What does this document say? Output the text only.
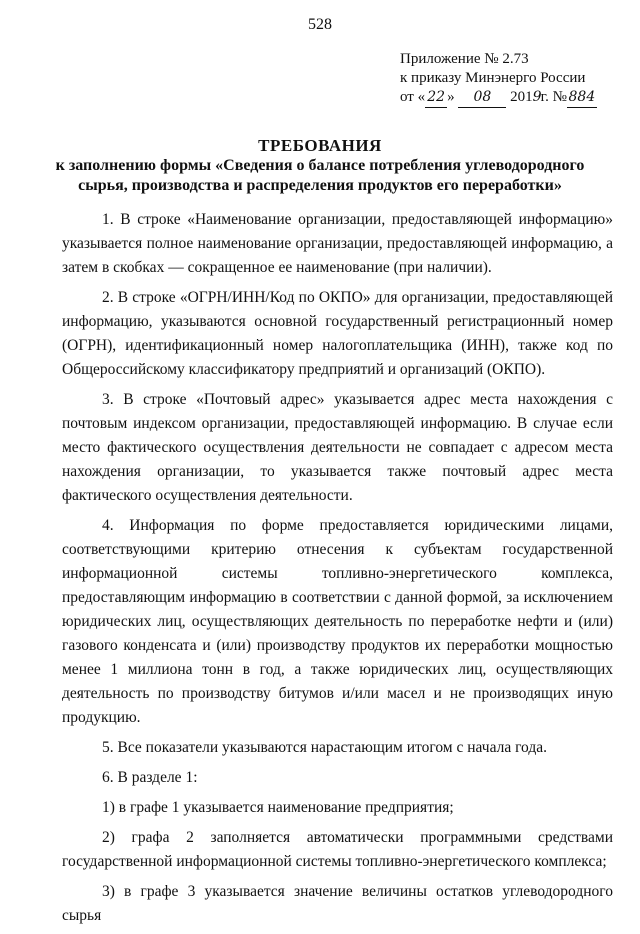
528
Приложение № 2.73
к приказу Минэнерго России
от « 22 » 08 2019г. № 884
ТРЕБОВАНИЯ
к заполнению формы «Сведения о балансе потребления углеводородного
сырья, производства и распределения продуктов его переработки»

1. В строке «Наименование организации, предоставляющей информацию» указывается полное наименование организации, предоставляющей информацию, а затем в скобках — сокращенное ее наименование (при наличии).

2. В строке «ОГРН/ИНН/Код по ОКПО» для организации, предоставляющей информацию, указываются основной государственный регистрационный номер (ОГРН), идентификационный номер налогоплательщика (ИНН), также код по Общероссийскому классификатору предприятий и организаций (ОКПО).

3. В строке «Почтовый адрес» указывается адрес места нахождения с почтовым индексом организации, предоставляющей информацию. В случае если место фактического осуществления деятельности не совпадает с адресом места нахождения организации, то указывается также почтовый адрес места фактического осуществления деятельности.

4. Информация по форме предоставляется юридическими лицами, соответствующими критерию отнесения к субъектам государственной информационной системы топливно-энергетического комплекса, предоставляющим информацию в соответствии с данной формой, за исключением юридических лиц, осуществляющих деятельность по переработке нефти и (или) газового конденсата и (или) производству продуктов их переработки мощностью менее 1 миллиона тонн в год, а также юридических лиц, осуществляющих деятельность по производству битумов и/или масел и не производящих иную продукцию.

5. Все показатели указываются нарастающим итогом с начала года.

6. В разделе 1:

1) в графе 1 указывается наименование предприятия;

2) графа 2 заполняется автоматически программными средствами государственной информационной системы топливно-энергетического комплекса;

3) в графе 3 указывается значение величины остатков углеводородного сырья
